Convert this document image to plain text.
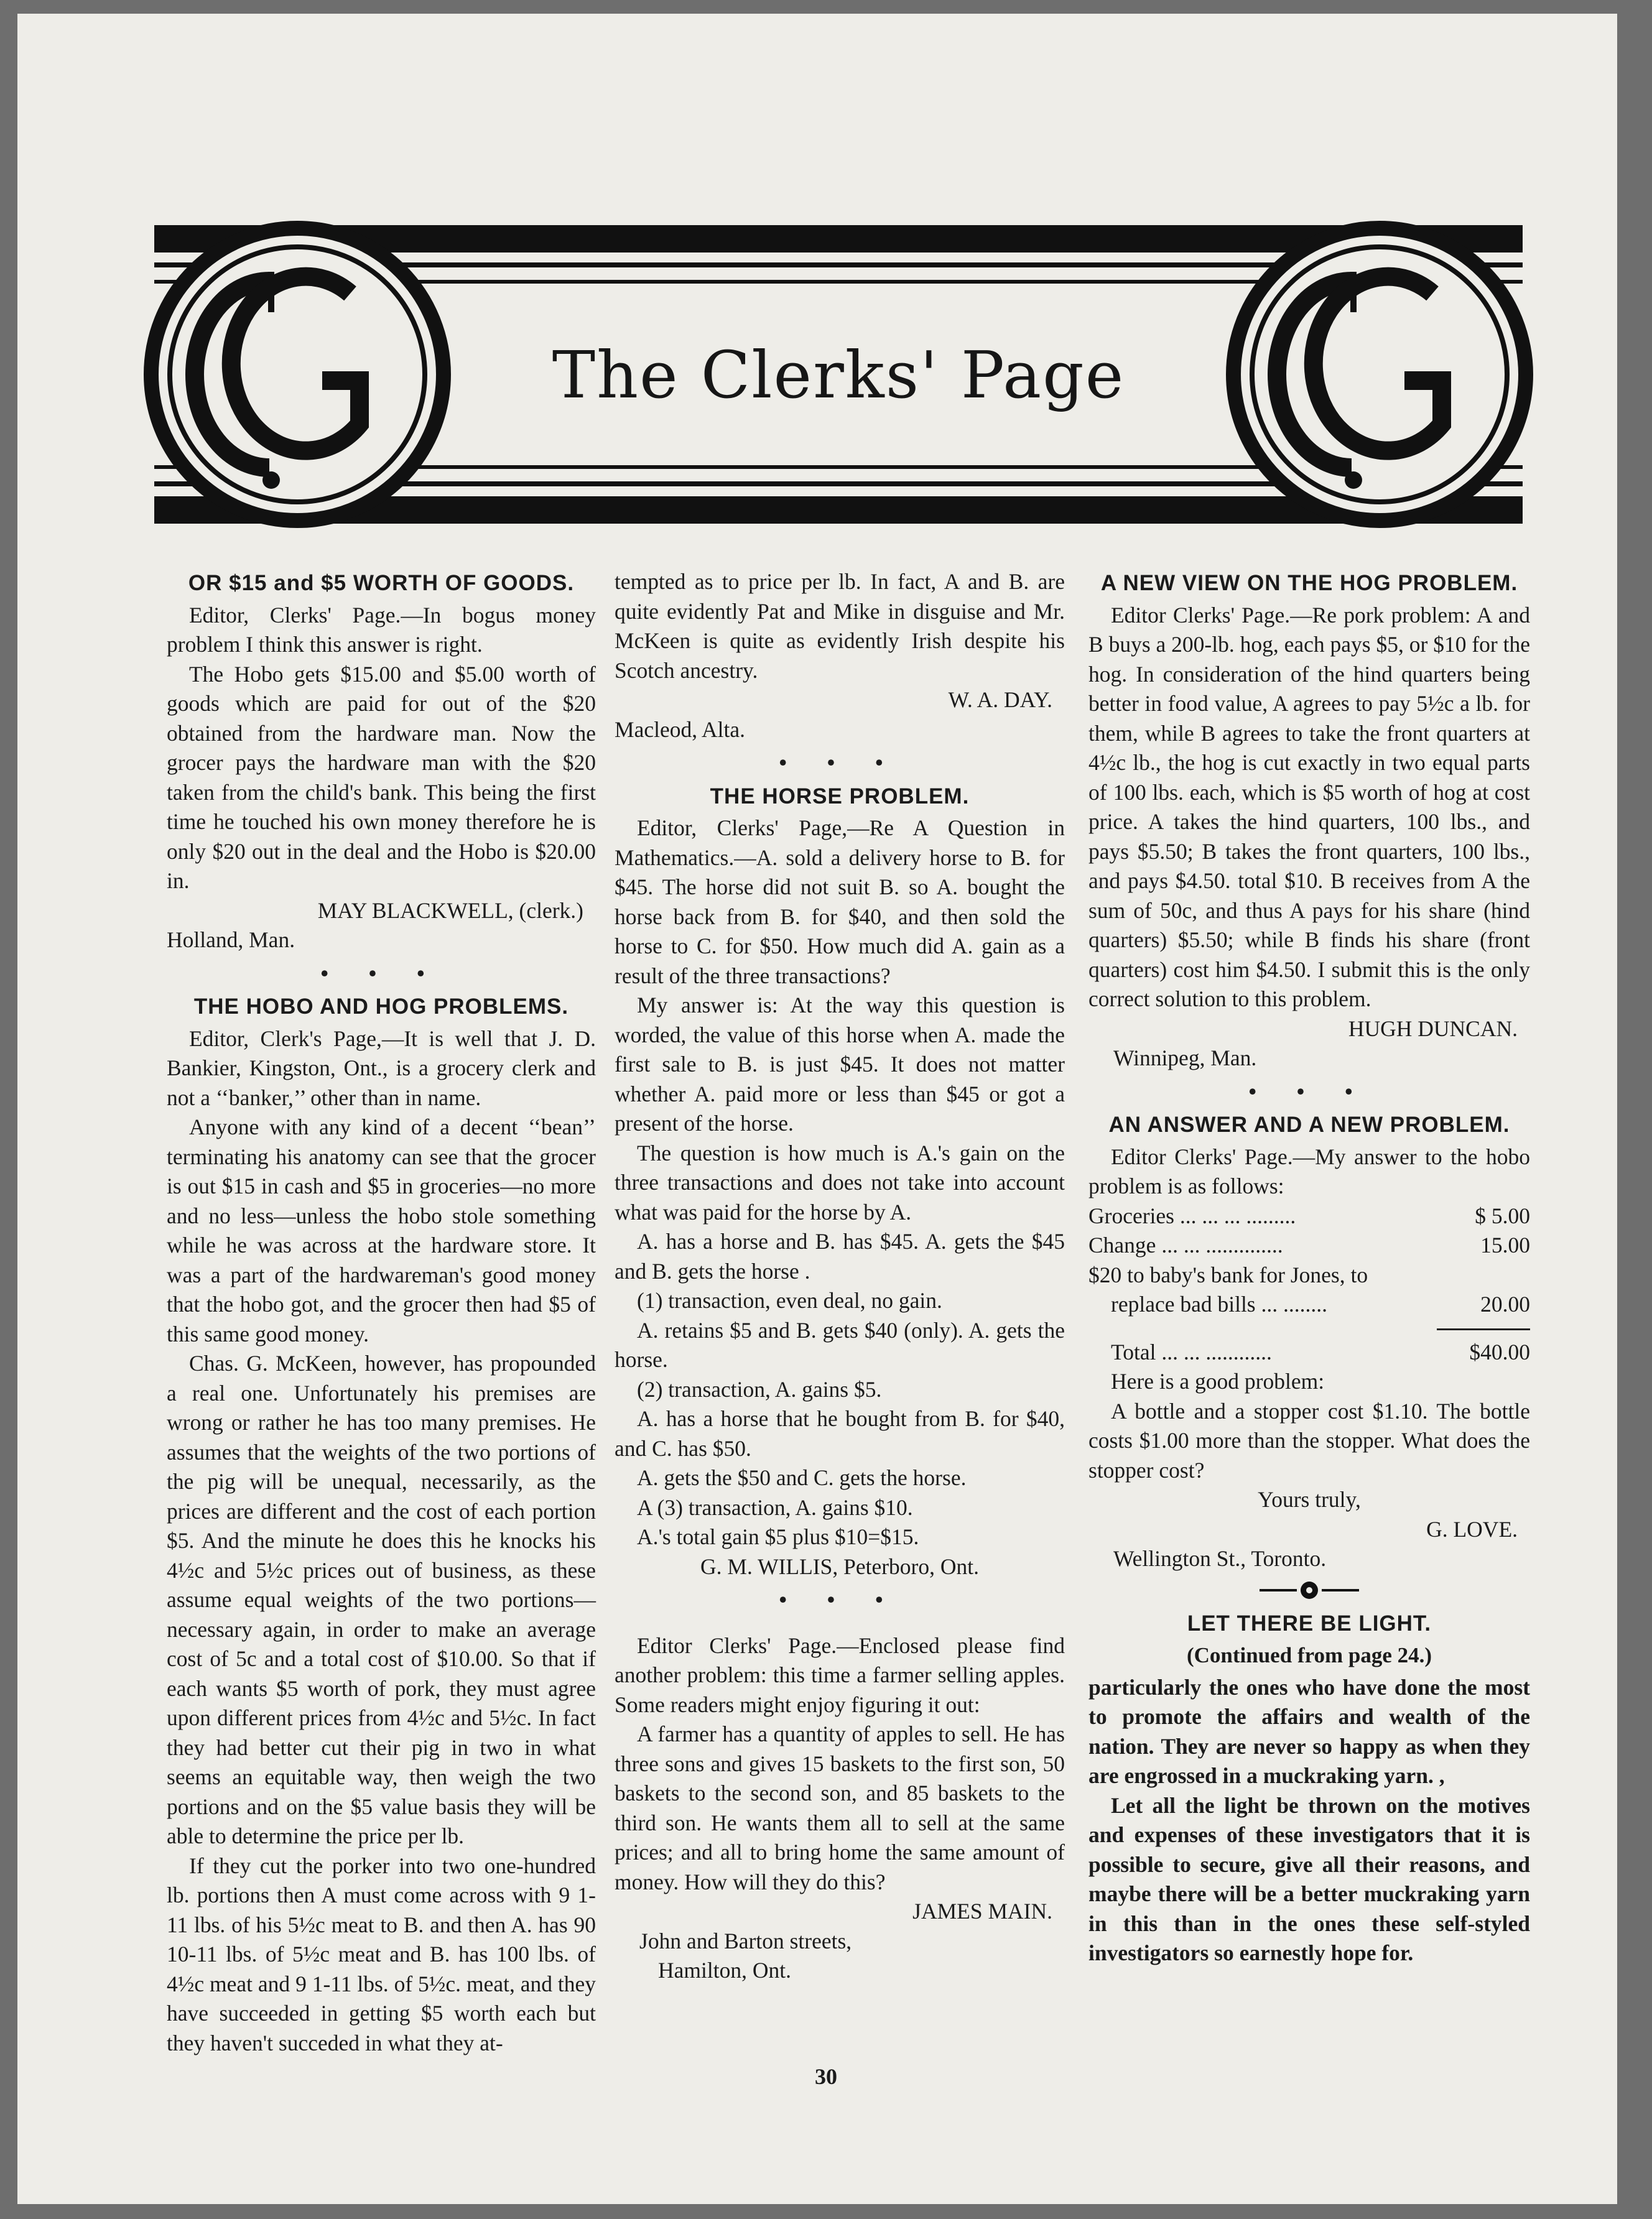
The Clerks' Page
OR $15 and $5 WORTH OF GOODS.

Editor, Clerks' Page.—In bogus money problem I think this answer is right.

The Hobo gets $15.00 and $5.00 worth of goods which are paid for out of the $20 obtained from the hardware man. Now the grocer pays the hardware man with the $20 taken from the child's bank. This being the first time he touched his own money therefore he is only $20 out in the deal and the Hobo is $20.00 in.

MAY BLACKWELL, (clerk.)
Holland, Man.
• • •
THE HOBO AND HOG PROBLEMS.

Editor, Clerk's Page,—It is well that J. D. Bankier, Kingston, Ont., is a grocery clerk and not a ‘‘banker,’’ other than in name.

Anyone with any kind of a decent ‘‘bean’’ terminating his anatomy can see that the grocer is out $15 in cash and $5 in groceries—no more and no less—unless the hobo stole something while he was across at the hardware store. It was a part of the hardwareman's good money that the hobo got, and the grocer then had $5 of this same good money.

Chas. G. McKeen, however, has propounded a real one. Unfortunately his premises are wrong or rather he has too many premises. He assumes that the weights of the two portions of the pig will be unequal, necessarily, as the prices are different and the cost of each portion $5. And the minute he does this he knocks his 4½c and 5½c prices out of business, as these assume equal weights of the two portions—necessary again, in order to make an average cost of 5c and a total cost of $10.00. So that if each wants $5 worth of pork, they must agree upon different prices from 4½c and 5½c. In fact they had better cut their pig in two in what seems an equitable way, then weigh the two portions and on the $5 value basis they will be able to determine the price per lb.

If they cut the porker into two one-hundred lb. portions then A must come across with 9 1-11 lbs. of his 5½c meat to B. and then A. has 90 10-11 lbs. of 5½c meat and B. has 100 lbs. of 4½c meat and 9 1-11 lbs. of 5½c. meat, and they have succeeded in getting $5 worth each but they haven't succeded in what they at-

tempted as to price per lb. In fact, A and B. are quite evidently Pat and Mike in disguise and Mr. McKeen is quite as evidently Irish despite his Scotch ancestry.

W. A. DAY.
Macleod, Alta.
• • •
THE HORSE PROBLEM.

Editor, Clerks' Page,—Re A Question in Mathematics.—A. sold a delivery horse to B. for $45. The horse did not suit B. so A. bought the horse back from B. for $40, and then sold the horse to C. for $50. How much did A. gain as a result of the three transactions?

My answer is: At the way this question is worded, the value of this horse when A. made the first sale to B. is just $45. It does not matter whether A. paid more or less than $45 or got a present of the horse.

The question is how much is A.'s gain on the three transactions and does not take into account what was paid for the horse by A.

A. has a horse and B. has $45. A. gets the $45 and B. gets the horse .

(1) transaction, even deal, no gain.

A. retains $5 and B. gets $40 (only). A. gets the horse.

(2) transaction, A. gains $5.

A. has a horse that he bought from B. for $40, and C. has $50.

A. gets the $50 and C. gets the horse.

A (3) transaction, A. gains $10.

A.'s total gain $5 plus $10=$15.

G. M. WILLIS, Peterboro, Ont.
• • •

Editor Clerks' Page.—Enclosed please find another problem: this time a farmer selling apples. Some readers might enjoy figuring it out:

A farmer has a quantity of apples to sell. He has three sons and gives 15 baskets to the first son, 50 baskets to the second son, and 85 baskets to the third son. He wants them all to sell at the same prices; and all to bring home the same amount of money. How will they do this?

JAMES MAIN.
John and Barton streets,
Hamilton, Ont.
A NEW VIEW ON THE HOG PROBLEM.

Editor Clerks' Page.—Re pork problem: A and B buys a 200-lb. hog, each pays $5, or $10 for the hog. In consideration of the hind quarters being better in food value, A agrees to pay 5½c a lb. for them, while B agrees to take the front quarters at 4½c lb., the hog is cut exactly in two equal parts of 100 lbs. each, which is $5 worth of hog at cost price. A takes the hind quarters, 100 lbs., and pays $5.50; B takes the front quarters, 100 lbs., and pays $4.50. total $10. B receives from A the sum of 50c, and thus A pays for his share (hind quarters) $5.50; while B finds his share (front quarters) cost him $4.50. I submit this is the only correct solution to this problem.

HUGH DUNCAN.
Winnipeg, Man.
• • •
AN ANSWER AND A NEW PROBLEM.

Editor Clerks' Page.—My answer to the hobo problem is as follows:

Groceries ... ... ... .........	$ 5.00
Change ... ... ..............	15.00
$20 to baby's bank for Jones, to
replace bad bills ... ........	20.00
Total ... ... ............	$40.00

Here is a good problem:

A bottle and a stopper cost $1.10. The bottle costs $1.00 more than the stopper. What does the stopper cost?

Yours truly,
G. LOVE.
Wellington St., Toronto.
LET THERE BE LIGHT.
(Continued from page 24.)

particularly the ones who have done the most to promote the affairs and wealth of the nation. They are never so happy as when they are engrossed in a muckraking yarn. ,

Let all the light be thrown on the motives and expenses of these investigators that it is possible to secure, give all their reasons, and maybe there will be a better muckraking yarn in this than in the ones these self-styled investigators so earnestly hope for.

30
